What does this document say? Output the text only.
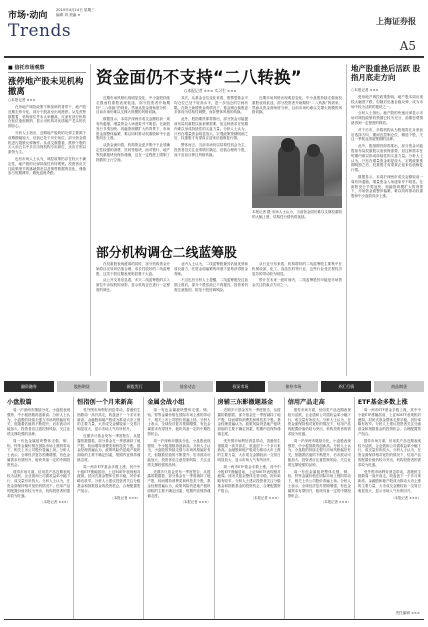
市场·动向
2010年4月14日 星期三
编辑 刘 美编 ×
Trends	上海证券报
A5
■ 信托市场观察
涨停地产股未见机构撤离
○本报记者 ×××

在房地产调控政策不断加码的背景下，地产股近期走势分化，部分个股甚至出现涨停。从龙虎榜数据看，机构席位并未大举撤离，反而有部分机构在低位逢低吸纳，显示出机构对优质地产龙头的长期信心。

分析人士指出，近期地产板块的反弹主要源于前期跌幅较大、估值已处于历史低位，部分资金借机进行超跌反弹操作。从成交数据看，涨停个股的买入前五名中多次出现机构专用席位，卖出方则以游资为主。

也有市场人士认为，调控政策仍存在较大不确定性，地产股的反弹持续性有待观察。投资者应关注政策细节的落地情况以及销售数据的变化，谨慎参与短期博弈，避免追涨杀跌。

资金面仍不支持“二八转换”
○本报记者 ××× 实习生 ×××

近期市场风格出现明显变化，中小盘股持续走强而权重股表现低迷，部分投资者开始期待“二八转换”的到来。然而从资金面角度分析，目前市场仍难以支撑大规模的风格切换。

数据显示，本周沪深两市成交金额较前一周有所萎缩，增量资金入场迹象并不明显。在新股发行节奏加快、再融资规模扩大的背景下，市场资金面整体偏紧，难以同时推动权重股和中小盘股同步上涨。

从资金流向看，机构资金更多集中于业绩确定性较强的消费、医药等板块，而对银行、地产等权重板块仍保持谨慎，这在一定程度上限制了指数的上行空间。

其次，从基金仓位变化来看，股票型基金平均仓位已处于较高水平，进一步加仓的空间有限。在缺乏新增资金的情况下，基金调仓换股更多体现为结构性调整，而非整体风格的转换。

此外，股指期货即将推出，部分资金可能提前布局权重股以备套保需要，但这种需求在短期内难以形成持续性的买盘力量。分析人士认为，只有在增量资金明显放大、宏观政策预期明朗之后，权重股才有望真正迎来估值修复行情。

整体而言，当前市场仍以结构性机会为主，投资者宜关注业绩增长确定、估值合理的个股，而不宜盲目押注风格转换。

近期市场风格出现明显变化，中小盘股持续走强而权重股表现低迷，部分投资者开始期待“二八转换”的到来。然而从资金面角度分析，目前市场仍难以支撑大规模的风格切换。

本报记者 摄 市场人士认为，当前资金面仍难以支撑权重股的大幅上涨，结构性行情仍将延续。

地产股重挫后活跃 股指月底走方向
○本报记者 ×××

受房地产调控政策影响，地产股本周出现较大幅度下跌，但随后迅速企稳反弹，成为市场中较为活跃的板块之一。

分析人士指出，地产股的快速反弹显示市场对调控政策的预期已较为充分，前期悲观情绪得到一定程度的释放。

对于后市，多数机构认为股指将在月底前后选择方向，期间宜控制仓位、精选个股，关注一季报业绩超预期的品种。

此外，股指期货即将推出，部分资金可能提前布局权重股以备套保需要，但这种需求在短期内难以形成持续性的买盘力量。分析人士认为，只有在增量资金明显放大、宏观政策预期明朗之后，权重股才有望真正迎来估值修复行情。

数据显示，本周沪深两市成交金额较前一周有所萎缩，增量资金入场迹象并不明显。在新股发行节奏加快、再融资规模扩大的背景下，市场资金面整体偏紧，难以同时推动权重股和中小盘股同步上涨。

部分机构调仓二线蓝筹股

在权重股表现疲弱的同时，部分机构资金开始将目光转向估值合理、成长性较好的二线蓝筹股，这类个股近期表现明显强于大盘。

从公开交易信息看，多只二线蓝筹股的买入席位中出现机构身影，显示机构正在进行一定程度的调仓。

业内人士认为，二线蓝筹股兼具估值优势和成长潜力，在资金面偏紧的环境下更易获得资金青睐。

不过也有分析人士提醒，二线蓝筹股经过前期上涨后，部分个股估值已不再便宜，投资者仍需注意甄别，防范个股回调风险。

从行业分布来看，机构增持的二线蓝筹股主要集中在机械设备、化工、食品饮料等行业，这些行业受宏观经济复苏的带动较为明显。

预计在未来一段时间内，二线蓝筹股仍可能是市场资金关注的重点方向之一。

融资融券	股指期货	新股发行	基金动态	权证市场	债券市场	外汇行情	商品期货
小盘股篇

周一沪深两市继续分化，小盘股表现强势，中小板指数再创新高。分析人士认为，小盘股的持续走强与市场风格偏好有关，但随着估值的不断提升，后市波动可能加大，投资者应注意控制风险，关注业绩支撑较强的品种。

周一有色金属板块整体走强，铜、铝、锌等金属价格在国际市场上涨的带动下，相关上市公司股价普遍上扬。分析人士表示，全球经济复苏预期增强，有色金属需求有望回升，板块具备一定的中期投资机会。

债券市场方面，信用类产品近期表现较为活跃，企业债和公司债收益率小幅下行，成交量有所放大。分析人士认为，在资金面保持相对宽松的情况下，信用产品的配置价值仍较为突出，机构投资者的需求较为旺盛。

（本报记者 ×××）
恒指创一个月来新高

受外围市场利好消息带动，香港恒生指数周一高开高走，收盘创下一个多月来新高。金融股和地产股成为推动大市上涨的主要力量，大市成交金额较前一交易日明显放大，显示市场人气有所回升。

近期多只基金发布一季度报告，从披露的数据看，部分基金在一季度减持了地产股，转而增持消费类和科技类个股。基金经理普遍认为，政策风险仍是地产板块面临的主要不确定因素，短期内宜保持谨慎态度。

周一两市ETF基金多数上涨，其中中小板ETF涨幅居前，上证50ETF表现相对疲弱。封闭式基金整体走势平稳，折价率略有收窄。分析人士建议投资者关注分级基金和指数基金的投资机会，合理配置资产组合。

（本报记者 ×××）
金属会战小组

周一有色金属板块整体走强，铜、铝、锌等金属价格在国际市场上涨的带动下，相关上市公司股价普遍上扬。分析人士表示，全球经济复苏预期增强，有色金属需求有望回升，板块具备一定的中期投资机会。

周一沪深两市继续分化，小盘股表现强势，中小板指数再创新高。分析人士认为，小盘股的持续走强与市场风格偏好有关，但随着估值的不断提升，后市波动可能加大，投资者应注意控制风险，关注业绩支撑较强的品种。

近期多只基金发布一季度报告，从披露的数据看，部分基金在一季度减持了地产股，转而增持消费类和科技类个股。基金经理普遍认为，政策风险仍是地产板块面临的主要不确定因素，短期内宜保持谨慎态度。

（本报记者 ×××）
房辅三东影撤题基金

近期多只基金发布一季度报告，从披露的数据看，部分基金在一季度减持了地产股，转而增持消费类和科技类个股。基金经理普遍认为，政策风险仍是地产板块面临的主要不确定因素，短期内宜保持谨慎态度。

受外围市场利好消息带动，香港恒生指数周一高开高走，收盘创下一个多月来新高。金融股和地产股成为推动大市上涨的主要力量，大市成交金额较前一交易日明显放大，显示市场人气有所回升。

周一两市ETF基金多数上涨，其中中小板ETF涨幅居前，上证50ETF表现相对疲弱。封闭式基金整体走势平稳，折价率略有收窄。分析人士建议投资者关注分级基金和指数基金的投资机会，合理配置资产组合。

（本报记者 ×××）
信用产品走高

债券市场方面，信用类产品近期表现较为活跃，企业债和公司债收益率小幅下行，成交量有所放大。分析人士认为，在资金面保持相对宽松的情况下，信用产品的配置价值仍较为突出，机构投资者的需求较为旺盛。

周一沪深两市继续分化，小盘股表现强势，中小板指数再创新高。分析人士认为，小盘股的持续走强与市场风格偏好有关，但随着估值的不断提升，后市波动可能加大，投资者应注意控制风险，关注业绩支撑较强的品种。

周一有色金属板块整体走强，铜、铝、锌等金属价格在国际市场上涨的带动下，相关上市公司股价普遍上扬。分析人士表示，全球经济复苏预期增强，有色金属需求有望回升，板块具备一定的中期投资机会。

（本报记者 ×××）
ETF基金多数上涨

周一两市ETF基金多数上涨，其中中小板ETF涨幅居前，上证50ETF表现相对疲弱。封闭式基金整体走势平稳，折价率略有收窄。分析人士建议投资者关注分级基金和指数基金的投资机会，合理配置资产组合。

债券市场方面，信用类产品近期表现较为活跃，企业债和公司债收益率小幅下行，成交量有所放大。分析人士认为，在资金面保持相对宽松的情况下，信用产品的配置价值仍较为突出，机构投资者的需求较为旺盛。

受外围市场利好消息带动，香港恒生指数周一高开高走，收盘创下一个多月来新高。金融股和地产股成为推动大市上涨的主要力量，大市成交金额较前一交易日明显放大，显示市场人气有所回升。

（本报记者 ×××）
责任编辑 ×××
